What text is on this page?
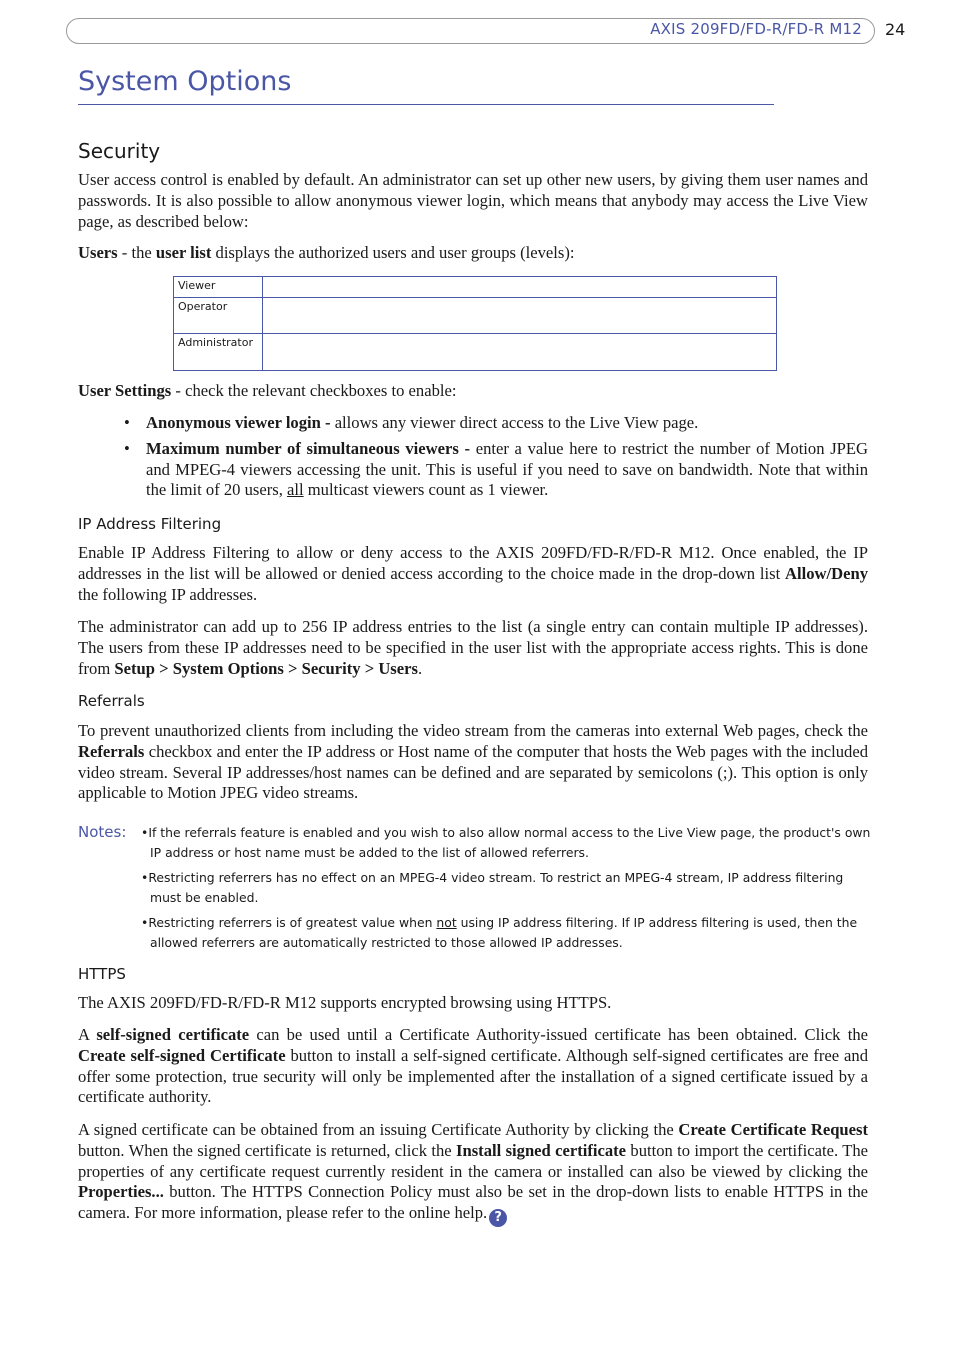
AXIS 209FD/FD-R/FD-R M12 24
System Options
Security

User access control is enabled by default. An administrator can set up other new users, by giving them user names and passwords. It is also possible to allow anonymous viewer login, which means that anybody may access the Live View page, as described below:

Users - the user list displays the authorized users and user groups (levels):

Viewer	
Operator	
Administrator	

User Settings - check the relevant checkboxes to enable:

• Anonymous viewer login - allows any viewer direct access to the Live View page.
• Maximum number of simultaneous viewers - enter a value here to restrict the number of Motion JPEG and MPEG-4 viewers accessing the unit. This is useful if you need to save on bandwidth. Note that within the limit of 20 users, all multicast viewers count as 1 viewer.
IP Address Filtering

Enable IP Address Filtering to allow or deny access to the AXIS 209FD/FD-R/FD-R M12. Once enabled, the IP addresses in the list will be allowed or denied access according to the choice made in the drop-down list Allow/Deny the following IP addresses.

The administrator can add up to 256 IP address entries to the list (a single entry can contain multiple IP addresses). The users from these IP addresses need to be specified in the user list with the appropriate access rights. This is done from Setup > System Options > Security > Users.

Referrals

To prevent unauthorized clients from including the video stream from the cameras into external Web pages, check the Referrals checkbox and enter the IP address or Host name of the computer that hosts the Web pages with the included video stream. Several IP addresses/host names can be defined and are separated by semicolons (;). This option is only applicable to Motion JPEG video streams.

Notes: •If the referrals feature is enabled and you wish to also allow normal access to the Live View page, the product's own IP address or host name must be added to the list of allowed referrers.
•Restricting referrers has no effect on an MPEG-4 video stream. To restrict an MPEG-4 stream, IP address filtering must be enabled.
•Restricting referrers is of greatest value when not using IP address filtering. If IP address filtering is used, then the allowed referrers are automatically restricted to those allowed IP addresses.
HTTPS

The AXIS 209FD/FD-R/FD-R M12 supports encrypted browsing using HTTPS.

A self-signed certificate can be used until a Certificate Authority-issued certificate has been obtained. Click the Create self-signed Certificate button to install a self-signed certificate. Although self-signed certificates are free and offer some protection, true security will only be implemented after the installation of a signed certificate issued by a certificate authority.

A signed certificate can be obtained from an issuing Certificate Authority by clicking the Create Certificate Request button. When the signed certificate is returned, click the Install signed certificate button to import the certificate. The properties of any certificate request currently resident in the camera or installed can also be viewed by clicking the Properties... button. The HTTPS Connection Policy must also be set in the drop-down lists to enable HTTPS in the camera. For more information, please refer to the online help. ?
